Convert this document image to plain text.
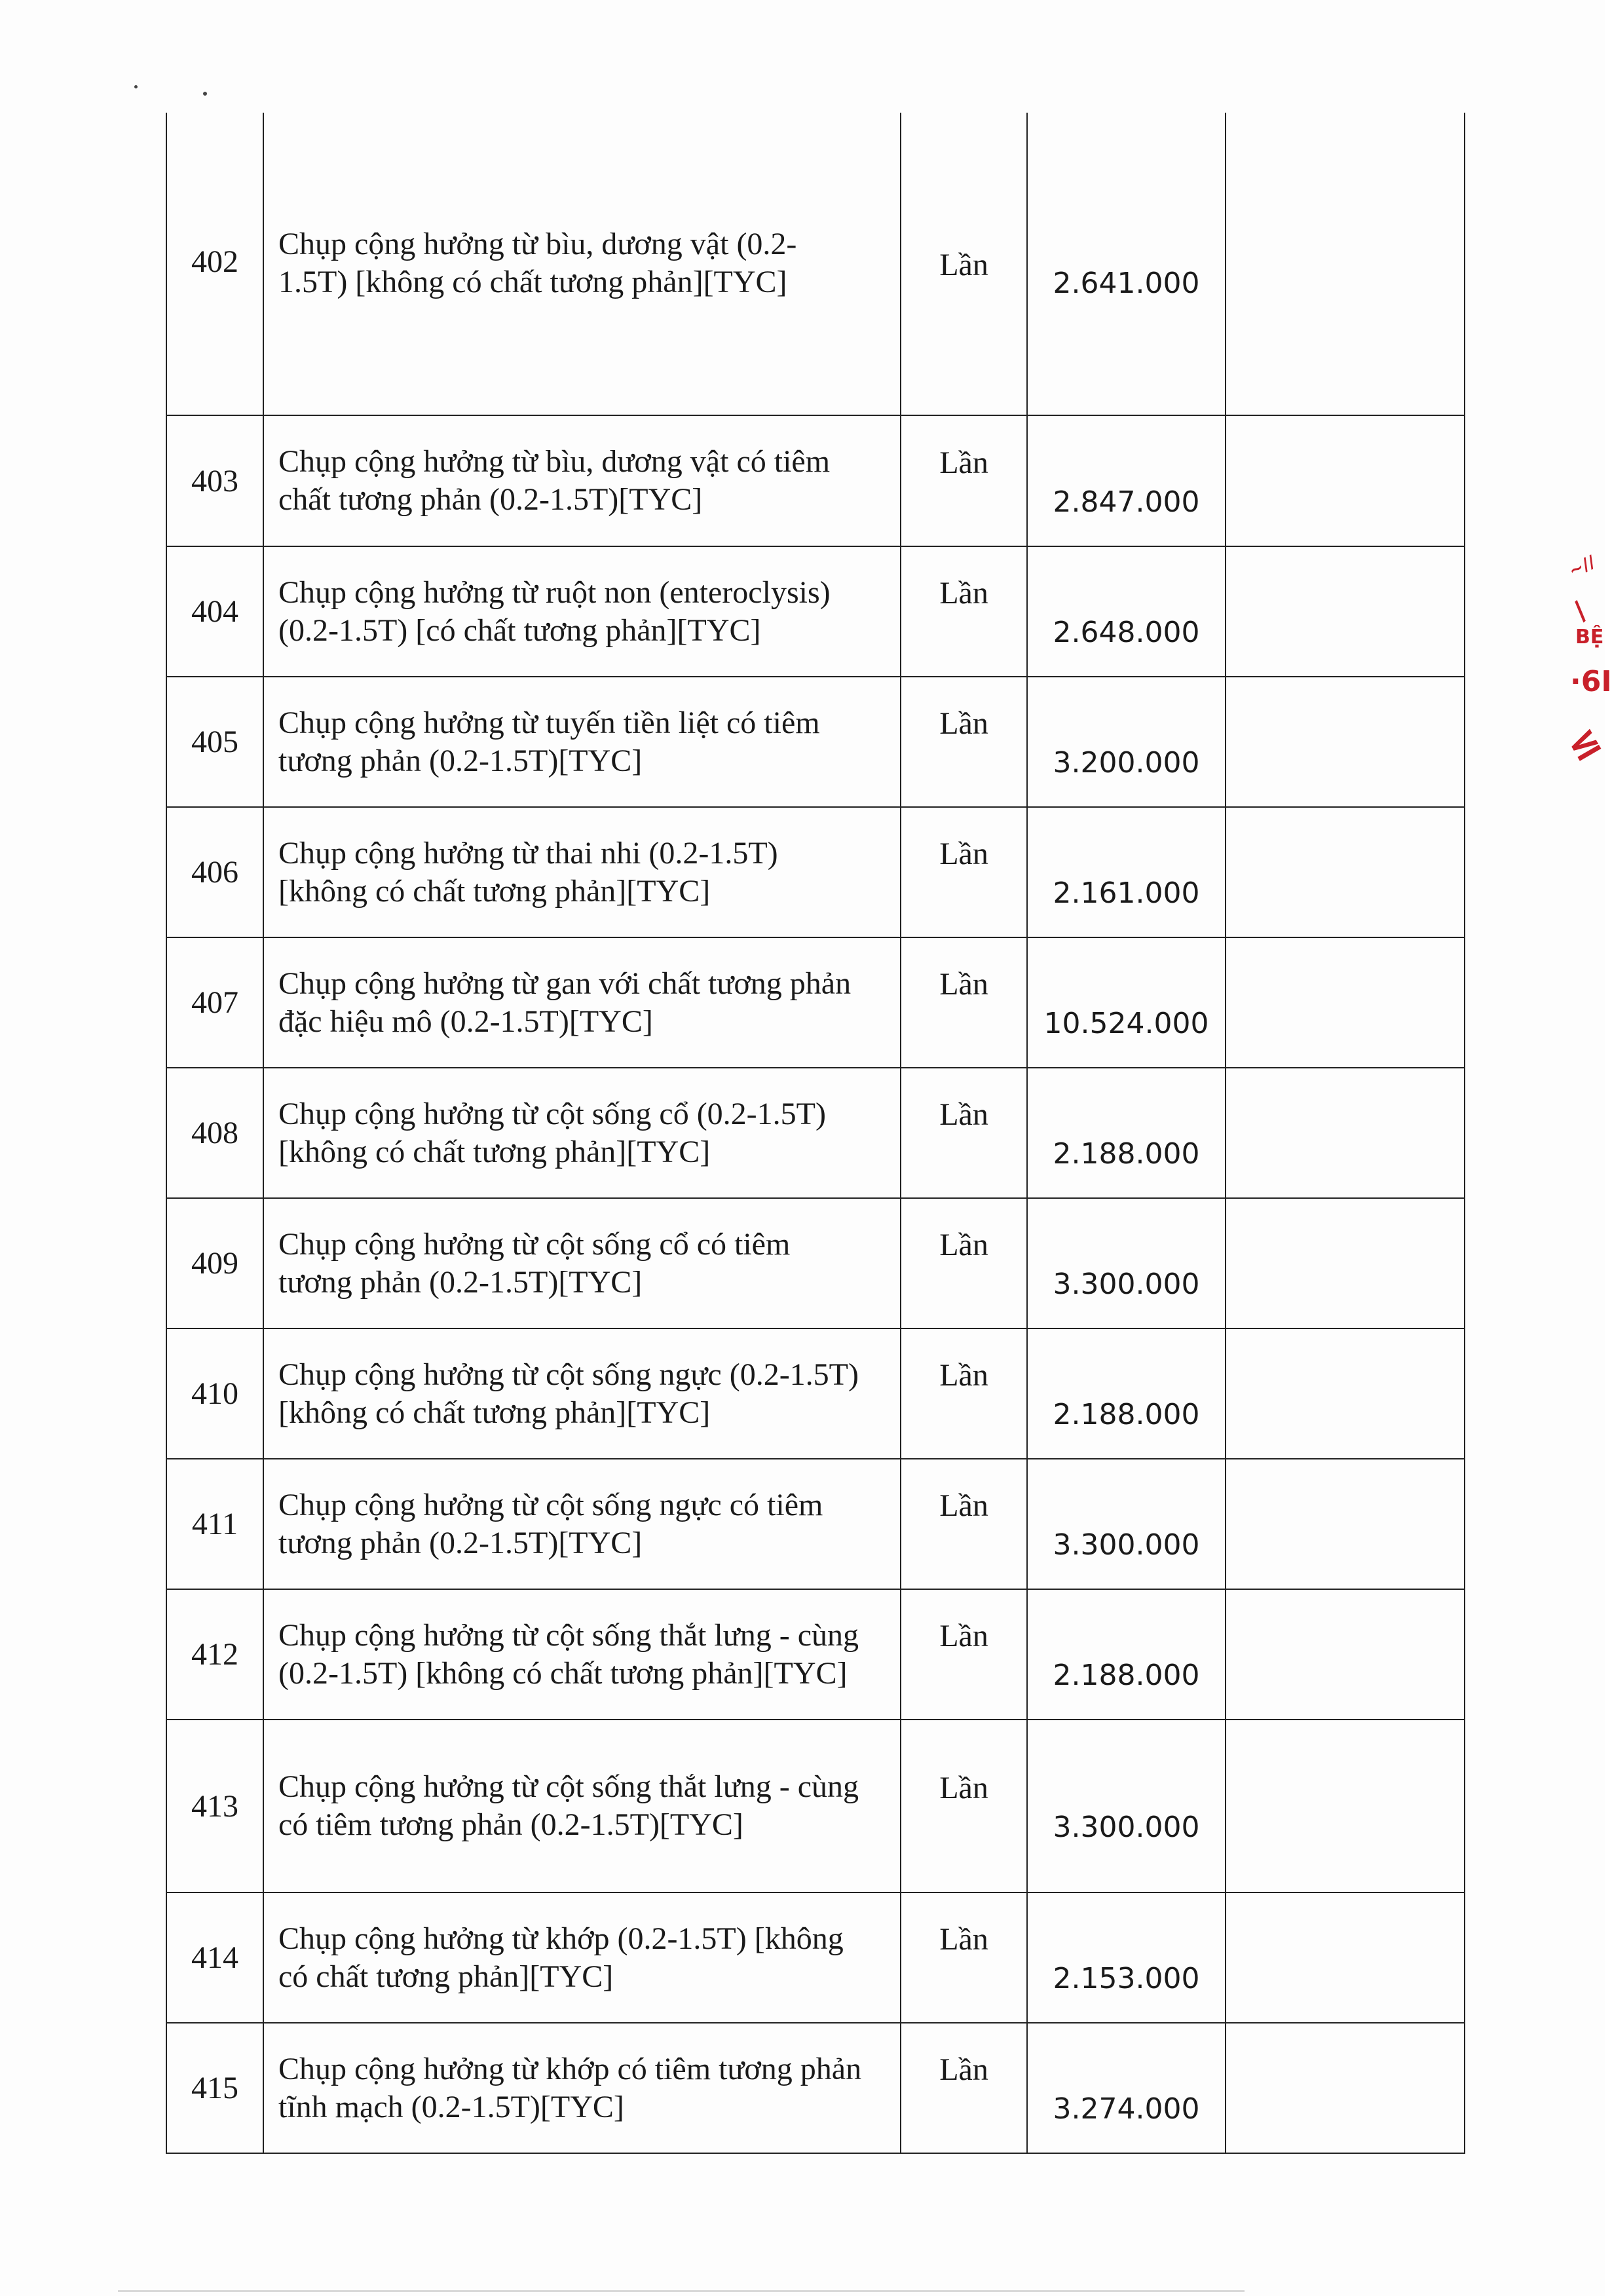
402	Chụp cộng hưởng từ bìu, dương vật (0.2-
1.5T) [không có chất tương phản][TYC]	Lần	2.641.000	
403	Chụp cộng hưởng từ bìu, dương vật có tiêm
chất tương phản (0.2-1.5T)[TYC]	Lần	2.847.000	
404	Chụp cộng hưởng từ ruột non (enteroclysis)
(0.2-1.5T) [có chất tương phản][TYC]	Lần	2.648.000	
405	Chụp cộng hưởng từ tuyến tiền liệt có tiêm
tương phản (0.2-1.5T)[TYC]	Lần	3.200.000	
406	Chụp cộng hưởng từ thai nhi (0.2-1.5T)
[không có chất tương phản][TYC]	Lần	2.161.000	
407	Chụp cộng hưởng từ gan với chất tương phản
đặc hiệu mô (0.2-1.5T)[TYC]	Lần	10.524.000	
408	Chụp cộng hưởng từ cột sống cổ (0.2-1.5T)
[không có chất tương phản][TYC]	Lần	2.188.000	
409	Chụp cộng hưởng từ cột sống cổ có tiêm
tương phản (0.2-1.5T)[TYC]	Lần	3.300.000	
410	Chụp cộng hưởng từ cột sống ngực (0.2-1.5T)
[không có chất tương phản][TYC]	Lần	2.188.000	
411	Chụp cộng hưởng từ cột sống ngực có tiêm
tương phản (0.2-1.5T)[TYC]	Lần	3.300.000	
412	Chụp cộng hưởng từ cột sống thắt lưng - cùng
(0.2-1.5T) [không có chất tương phản][TYC]	Lần	2.188.000	
413	Chụp cộng hưởng từ cột sống thắt lưng - cùng
có tiêm tương phản (0.2-1.5T)[TYC]	Lần	3.300.000	
414	Chụp cộng hưởng từ khớp (0.2-1.5T) [không
có chất tương phản][TYC]	Lần	2.153.000	
415	Chụp cộng hưởng từ khớp có tiêm tương phản
tĩnh mạch (0.2-1.5T)[TYC]	Lần	3.274.000	
~//
/
ВỆ
·6I
≤
